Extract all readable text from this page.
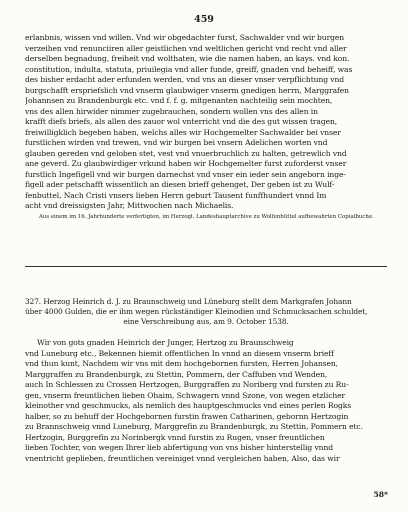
459
erlanbnis, wissen vnd willen. Vnd wir obgedachter furst, Sachwalder vnd wir burgen
verzeihen vnd renunciiren aller geistlichen vnd weltlichen gericht vnd recht vnd aller
derselben begnadung, freiheit vnd wolthaten, wie die namen haben, an kays. vnd kon.
constitution, indulta, statuta, priuilegia vnd aller funde, greiff, gnaden vnd beheiff, was
des bisher erdacht ader erfunden werden, vnd vns an dieser vnser verpflichtung vnd
burgschafft erspriefslich vnd vnserm glaubwiger vnserm gnedigen herrn, Marggrafen
Johannsen zu Brandenburgk etc. vnd f. f. g. mitgenanten nachteilig sein mochten,
vns des allen hirwider nimmer zugebrauchen, sondern wollen vns des allen in
krafft diefs briefs, als allen des zauor wol vnterricht vnd die des gut wissen tragen,
freiwilligklich begeben haben, welchs alles wir Hochgemelter Sachwalder bei vnser
furstlichen wirden vnd trewen, vnd wir burgen bei vnsern Adelichen worten vnd
glauben gereden vnd geloben stet, vest vnd vnuerbruchlich zu halten, getrewlich vnd
ane geverd. Zu glaubwirdiger vrkund haben wir Hochgemelter furst zuforderst vnser
furstlich Ingefigell vnd wir burgen darnechst vnd vnser ein ieder sein angeborn inge-
figell ader petschafft wissentlich an diesen brieff gehenget, Der geben ist zu Wulf-
fenbuttel, Nach Cristi vnsers lieben Herrn geburt Tausent funffhundert vnnd Im
acht vnd dreissigsten Jahr, Mittwochen nach Michaelis.
Aus einem im 16. Jahrhunderte verfertigten, im Herzogl. Landeshauptarchive zu Wolfenbüttel aufbewahrten Copialbuche.
327. Herzog Heinrich d. J. zu Braunschweig und Lüneburg stellt dem Markgrafen Johann
über 4000 Gulden, die er ihm wegen rückständiger Kleinodien und Schmucksachen schuldet,
eine Verschreibung aus, am 9. October 1538.
Wir von gots gnaden Heinrich der Junger, Hertzog zu Braunschweig
vnd Luneburg etc., Bekennen hiemit offentlichen In vnnd an diesem vnserm brieff
vnd thun kunt, Nachdem wir vns mit dem hochgebornen fursten, Herren Johansen,
Marggraffen zu Brandenburgk, zu Stettin, Pommern, der Caffuben vnd Wenden,
auch In Schlessen zu Crossen Hertzogen, Burggraffen zu Noriberg vnd fursten zu Ru-
gen, vnserm freuntlichen lieben Ohaim, Schwagern vnnd Szone, von wegen etzlicher
kleinother vnd geschmucks, als nemlich des hauptgeschmucks vnd eines perlen Rogks
halber, so zu behuff der Hochgebornen furstin frawen Catharinen, gebornn Hertzogin
zu Brannschweig vnnd Luneburg, Marggrefin zu Brandenburgk, zu Stettin, Pommern etc.
Hertzogin, Burggrefin zu Norinbergk vnnd furstin zu Rugen, vnser freuntlichen
lieben Tochter, von wegen Ihrer lieb abfertigung von vns bisher hinterstellig vnnd
vnentricht geplieben, freuntlichen vereiniget vnnd vergleichen haben, Also, das wir
58*
